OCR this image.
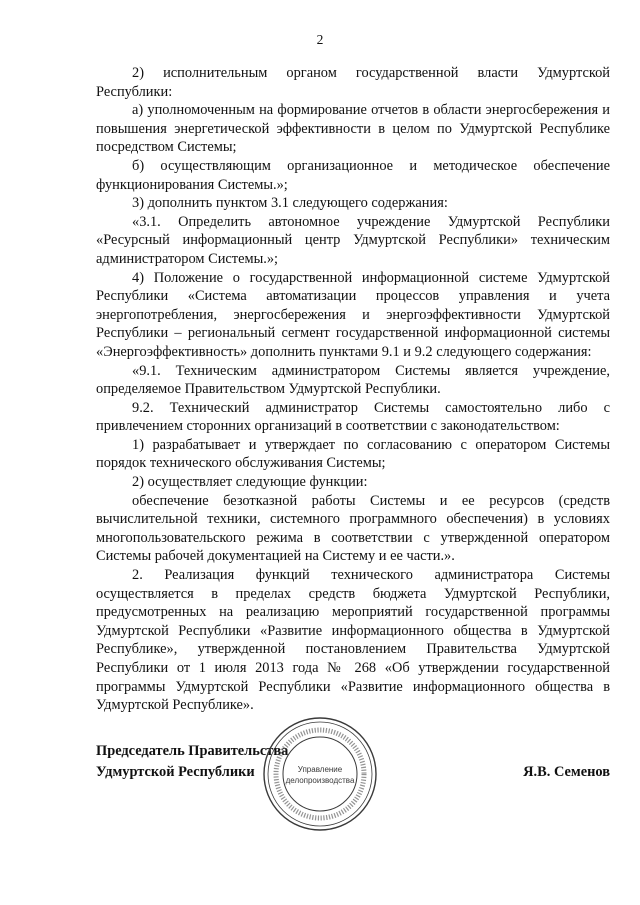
2

2) исполнительным органом государственной власти Удмуртской Республики:

а) уполномоченным на формирование отчетов в области энергосбережения и повышения энергетической эффективности в целом по Удмуртской Республике посредством Системы;

б) осуществляющим организационное и методическое обеспечение функционирования Системы.»;

3) дополнить пунктом 3.1 следующего содержания:

«3.1. Определить автономное учреждение Удмуртской Республики «Ресурсный информационный центр Удмуртской Республики» техническим администратором Системы.»;

4) Положение о государственной информационной системе Удмуртской Республики «Система автоматизации процессов управления и учета энергопотребления, энергосбережения и энергоэффективности Удмуртской Республики – региональный сегмент государственной информационной системы «Энергоэффективность» дополнить пунктами 9.1 и 9.2 следующего содержания:

«9.1. Техническим администратором Системы является учреждение, определяемое Правительством Удмуртской Республики.

9.2. Технический администратор Системы самостоятельно либо с привлечением сторонних организаций в соответствии с законодательством:

1) разрабатывает и утверждает по согласованию с оператором Системы порядок технического обслуживания Системы;

2) осуществляет следующие функции:

обеспечение безотказной работы Системы и ее ресурсов (средств вычислительной техники, системного программного обеспечения) в условиях многопользовательского режима в соответствии с утвержденной оператором Системы рабочей документацией на Систему и ее части.».

2. Реализация функций технического администратора Системы осуществляется в пределах средств бюджета Удмуртской Республики, предусмотренных на реализацию мероприятий государственной программы Удмуртской Республики «Развитие информационного общества в Удмуртской Республике», утвержденной постановлением Правительства Удмуртской Республики от 1 июля 2013 года № 268 «Об утверждении государственной программы Удмуртской Республики «Развитие информационного общества в Удмуртской Республике».

Председатель Правительства
Удмуртской Республики	Я.В. Семенов
Управление
делопроизводства
